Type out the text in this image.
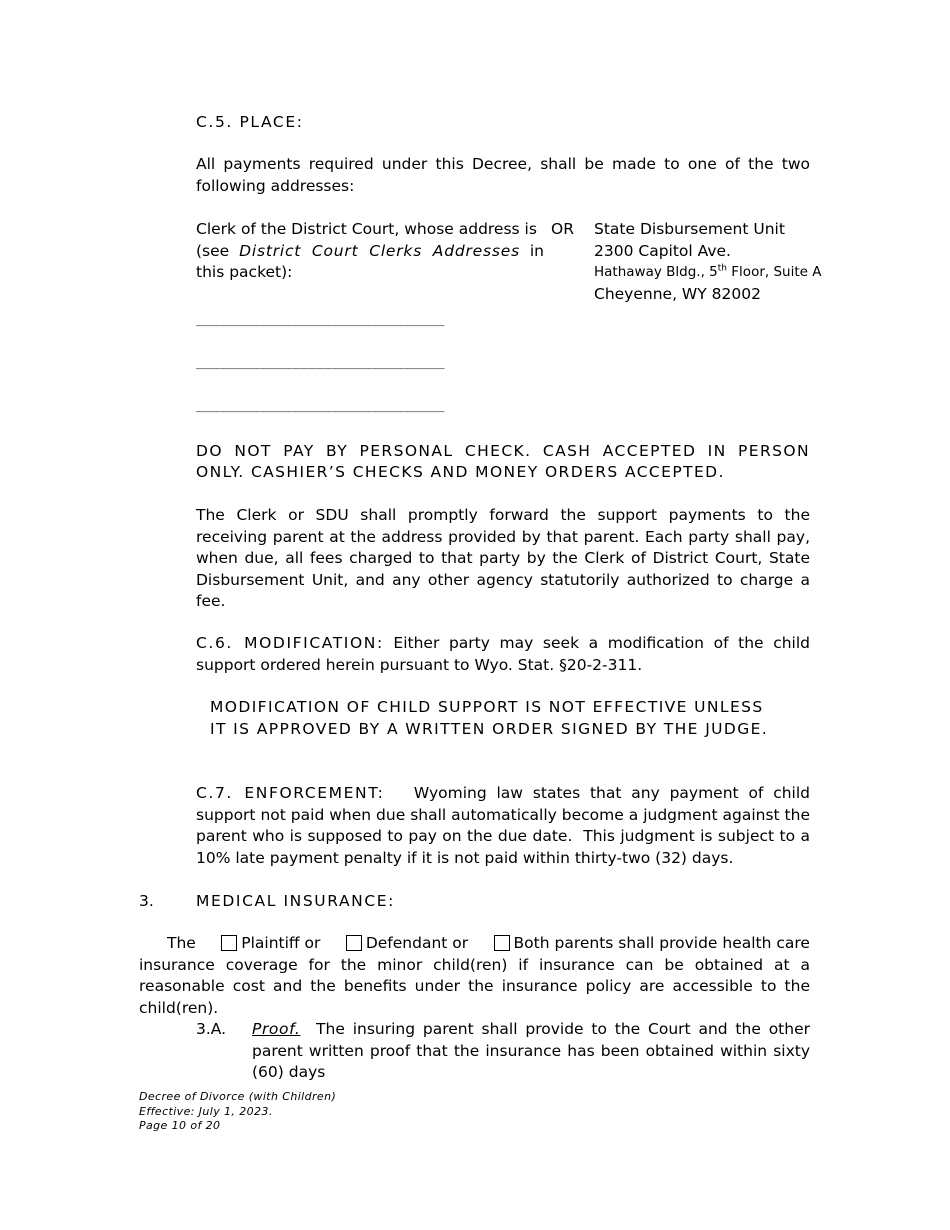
C.5. PLACE:
All payments required under this Decree, shall be made to one of the two following addresses:
Clerk of the District Court, whose address is
(see District Court Clerks Addresses in this packet):
OR State Disbursement Unit
2300 Capitol Ave.
Hathaway Bldg., 5th Floor, Suite A
Cheyenne, WY 82002
_______________________________
_______________________________
_______________________________
DO NOT PAY BY PERSONAL CHECK. CASH ACCEPTED IN PERSON ONLY. CASHIER’S CHECKS AND MONEY ORDERS ACCEPTED.
The Clerk or SDU shall promptly forward the support payments to the receiving parent at the address provided by that parent. Each party shall pay, when due, all fees charged to that party by the Clerk of District Court, State Disbursement Unit, and any other agency statutorily authorized to charge a fee.
C.6. MODIFICATION: Either party may seek a modification of the child support ordered herein pursuant to Wyo. Stat. §20-2-311.
MODIFICATION OF CHILD SUPPORT IS NOT EFFECTIVE UNLESS
IT IS APPROVED BY A WRITTEN ORDER SIGNED BY THE JUDGE.
C.7. ENFORCEMENT:   Wyoming law states that any payment of child support not paid when due shall automatically become a judgment against the parent who is supposed to pay on the due date.  This judgment is subject to a 10% late payment penalty if it is not paid within thirty-two (32) days.
3.	MEDICAL INSURANCE:
The	Plaintiff or	Defendant or	Both parents shall provide health care
insurance coverage for the minor child(ren) if insurance can be obtained at a reasonable cost and the benefits under the insurance policy are accessible to the child(ren).
3.A. Proof.  The insuring parent shall provide to the Court and the other parent written proof that the insurance has been obtained within sixty (60) days
Decree of Divorce (with Children)
Effective: July 1, 2023.
Page 10 of 20
